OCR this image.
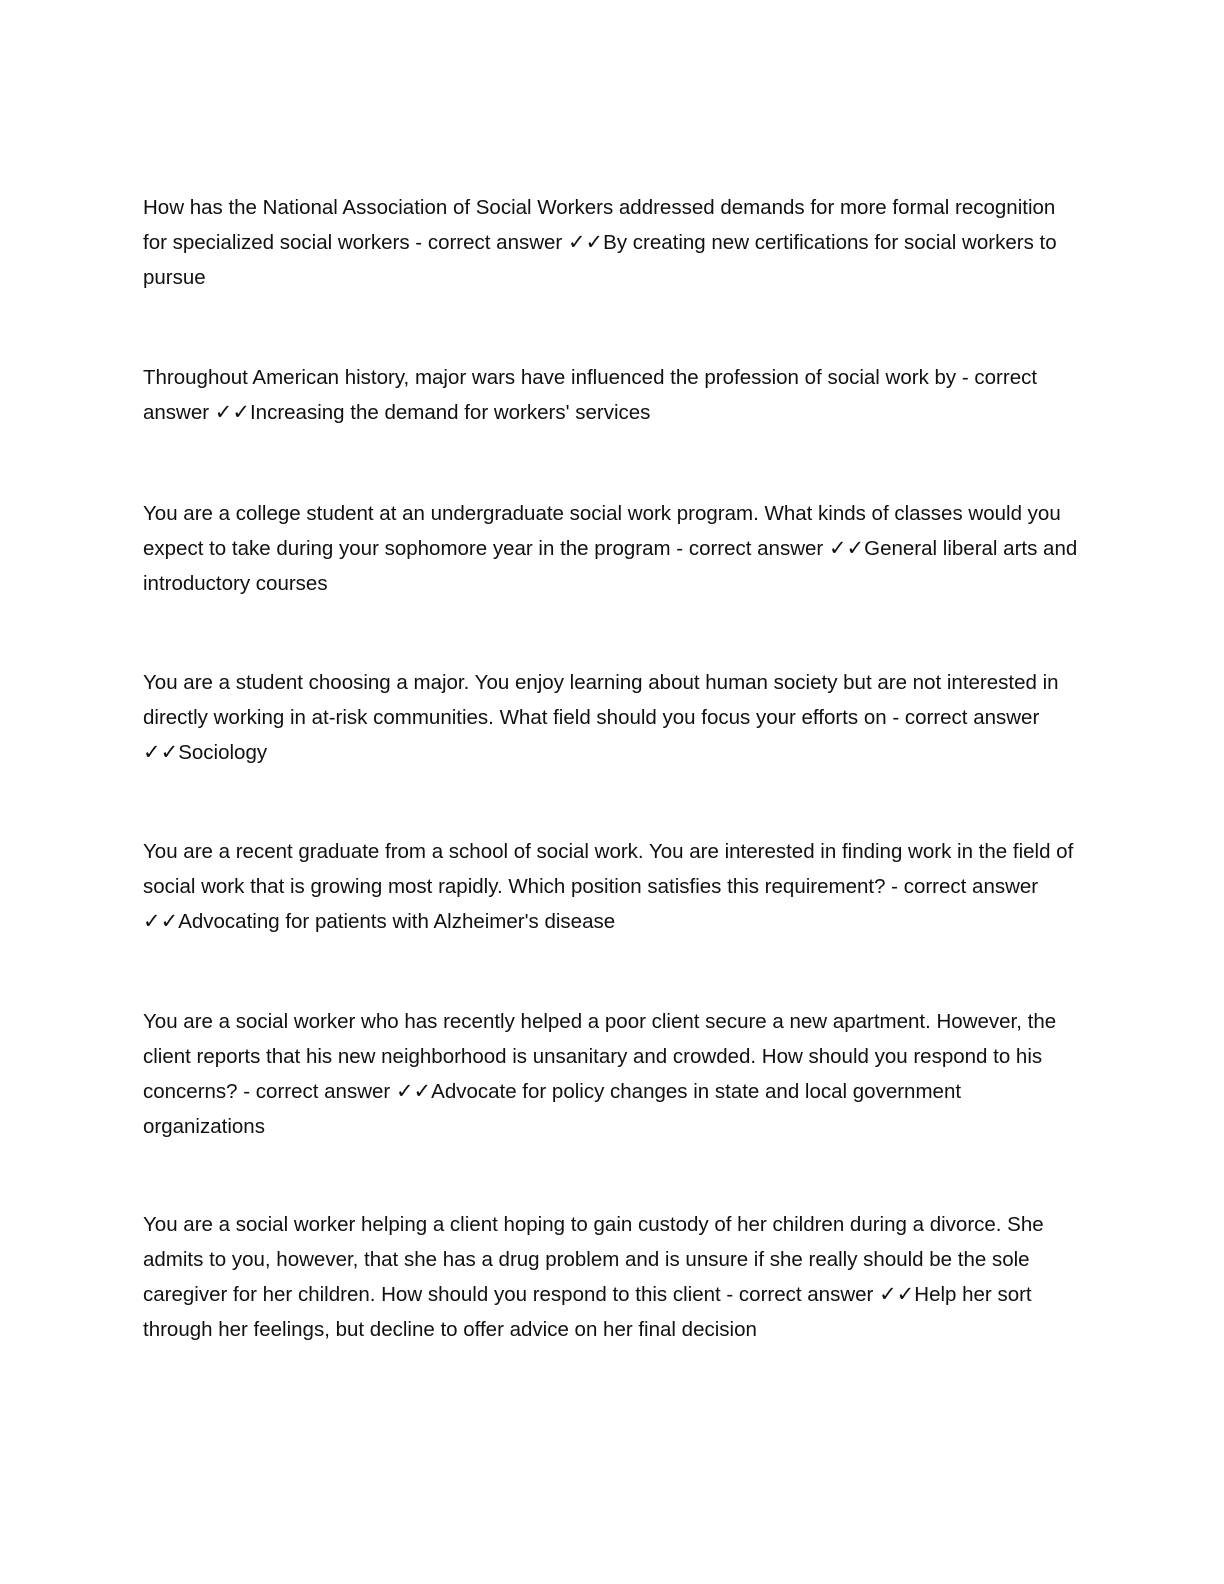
How has the National Association of Social Workers addressed demands for more formal recognition for specialized social workers - correct answer ✓✓By creating new certifications for social workers to pursue

Throughout American history, major wars have influenced the profession of social work by - correct answer ✓✓Increasing the demand for workers' services

You are a college student at an undergraduate social work program. What kinds of classes would you expect to take during your sophomore year in the program - correct answer ✓✓General liberal arts and introductory courses

You are a student choosing a major. You enjoy learning about human society but are not interested in directly working in at-risk communities. What field should you focus your efforts on - correct answer ✓✓Sociology

You are a recent graduate from a school of social work. You are interested in finding work in the field of social work that is growing most rapidly. Which position satisfies this requirement? - correct answer ✓✓Advocating for patients with Alzheimer's disease

You are a social worker who has recently helped a poor client secure a new apartment. However, the client reports that his new neighborhood is unsanitary and crowded. How should you respond to his concerns? - correct answer ✓✓Advocate for policy changes in state and local government organizations

You are a social worker helping a client hoping to gain custody of her children during a divorce. She admits to you, however, that she has a drug problem and is unsure if she really should be the sole caregiver for her children. How should you respond to this client - correct answer ✓✓Help her sort through her feelings, but decline to offer advice on her final decision
